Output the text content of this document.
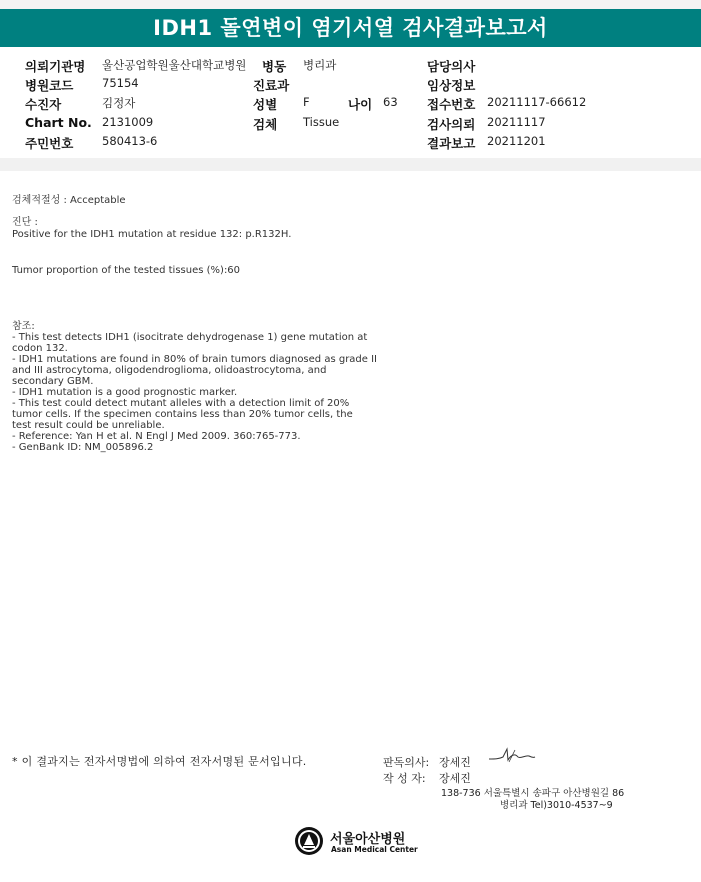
IDH1 돌연변이 염기서열 검사결과보고서
의뢰기관명 울산공업학원울산대학교병원 병동 병리과	담당의사
병원코드 75154	진료과	임상정보
수진자	김정자	성별 F	나이 63 접수번호 20211117-66612
Chart No. 2131009	검체 Tissue	검사의뢰 20211117
주민번호 580413-6	결과보고 20211201
검체적절성 : Acceptable
진단 :
Positive for the IDH1 mutation at residue 132: p.R132H.
Tumor proportion of the tested tissues (%):60
참조:
- This test detects IDH1 (isocitrate dehydrogenase 1) gene mutation at
codon 132.
- IDH1 mutations are found in 80% of brain tumors diagnosed as grade II
and III astrocytoma, oligodendroglioma, olidoastrocytoma, and
secondary GBM.
- IDH1 mutation is a good prognostic marker.
- This test could detect mutant alleles with a detection limit of 20%
tumor cells. If the specimen contains less than 20% tumor cells, the
test result could be unreliable.
- Reference: Yan H et al. N Engl J Med 2009. 360:765-773.
- GenBank ID: NM_005896.2
* 이 결과지는 전자서명법에 의하여 전자서명된 문서입니다.	판독의사: 장세진
작 성 자: 장세진
138-736 서울특별시 송파구 아산병원길 86
병리과 Tel)3010-4537~9
서울아산병원
Asan Medical Center
